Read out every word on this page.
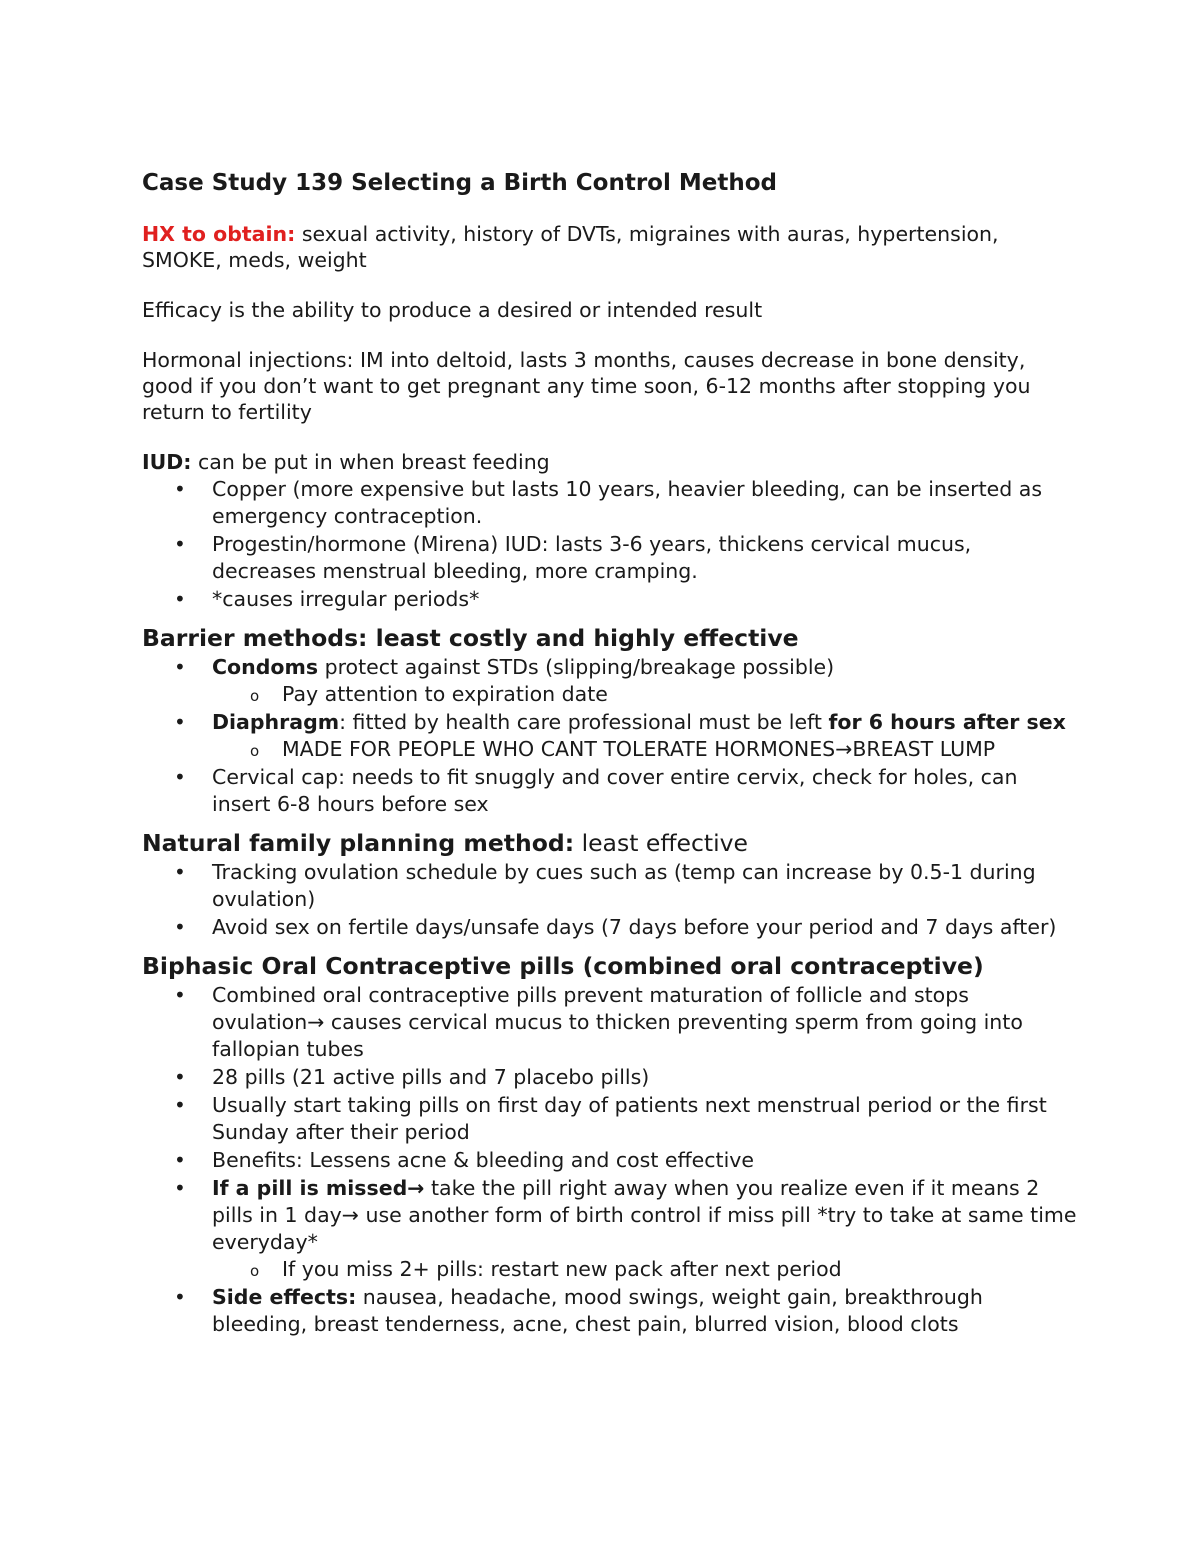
Case Study 139 Selecting a Birth Control Method

HX to obtain: sexual activity, history of DVTs, migraines with auras, hypertension, SMOKE, meds, weight

Efficacy is the ability to produce a desired or intended result

Hormonal injections: IM into deltoid, lasts 3 months, causes decrease in bone density, good if you don’t want to get pregnant any time soon, 6-12 months after stopping you return to fertility

IUD: can be put in when breast feeding

• Copper (more expensive but lasts 10 years, heavier bleeding, can be inserted as emergency contraception.
• Progestin/hormone (Mirena) IUD: lasts 3-6 years, thickens cervical mucus, decreases menstrual bleeding, more cramping.
• *causes irregular periods*
Barrier methods: least costly and highly effective
• Condoms protect against STDs (slipping/breakage possible)
o Pay attention to expiration date
• Diaphragm: fitted by health care professional must be left for 6 hours after sex
o MADE FOR PEOPLE WHO CANT TOLERATE HORMONES→BREAST LUMP
• Cervical cap: needs to fit snuggly and cover entire cervix, check for holes, can insert 6-8 hours before sex
Natural family planning method: least effective
• Tracking ovulation schedule by cues such as (temp can increase by 0.5-1 during ovulation)
• Avoid sex on fertile days/unsafe days (7 days before your period and 7 days after)
Biphasic Oral Contraceptive pills (combined oral contraceptive)
• Combined oral contraceptive pills prevent maturation of follicle and stops ovulation→ causes cervical mucus to thicken preventing sperm from going into fallopian tubes
• 28 pills (21 active pills and 7 placebo pills)
• Usually start taking pills on first day of patients next menstrual period or the first Sunday after their period
• Benefits: Lessens acne & bleeding and cost effective
• If a pill is missed→ take the pill right away when you realize even if it means 2 pills in 1 day→ use another form of birth control if miss pill *try to take at same time everyday*
o If you miss 2+ pills: restart new pack after next period
• Side effects: nausea, headache, mood swings, weight gain, breakthrough bleeding, breast tenderness, acne, chest pain, blurred vision, blood clots
